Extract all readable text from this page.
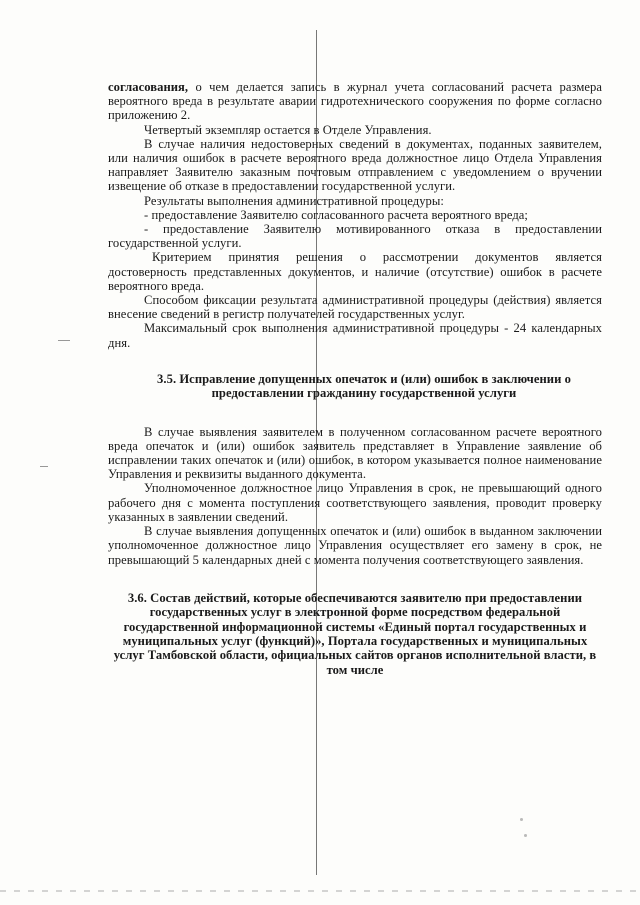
согласования, о чем делается запись в журнал учета согласований расчета размера вероятного вреда в результате аварии гидротехнического сооружения по форме согласно приложению 2.

Четвертый экземпляр остается в Отделе Управления.

В случае наличия недостоверных сведений в документах, поданных заявителем, или наличия ошибок в расчете вероятного вреда должностное лицо Отдела Управления направляет Заявителю заказным почтовым отправлением с уведомлением о вручении извещение об отказе в предоставлении государственной услуги.

Результаты выполнения административной процедуры:

- предоставление Заявителю согласованного расчета вероятного вреда;

- предоставление Заявителю мотивированного отказа в предоставлении государственной услуги.

Критерием принятия решения о рассмотрении документов является достоверность представленных документов, и наличие (отсутствие) ошибок в расчете вероятного вреда.

Способом фиксации результата административной процедуры (действия) является внесение сведений в регистр получателей государственных услуг.

Максимальный срок выполнения административной процедуры - 24 календарных дня.

3.5. Исправление допущенных опечаток и (или) ошибок в заключении о предоставлении гражданину государственной услуги

В случае выявления заявителем в полученном согласованном расчете вероятного вреда опечаток и (или) ошибок заявитель представляет в Управление заявление об исправлении таких опечаток и (или) ошибок, в котором указывается полное наименование Управления и реквизиты выданного документа.

Уполномоченное должностное лицо Управления в срок, не превышающий одного рабочего дня с момента поступления соответствующего заявления, проводит проверку указанных в заявлении сведений.

В случае выявления допущенных опечаток и (или) ошибок в выданном заключении уполномоченное должностное лицо Управления осуществляет его замену в срок, не превышающий 5 календарных дней с момента получения соответствующего заявления.

3.6. Состав действий, которые обеспечиваются заявителю при предоставлении государственных услуг в электронной форме посредством федеральной государственной информационной системы «Единый портал государственных и муниципальных услуг (функций)», Портала государственных и муниципальных услуг Тамбовской области, официальных сайтов органов исполнительной власти, в том числе
